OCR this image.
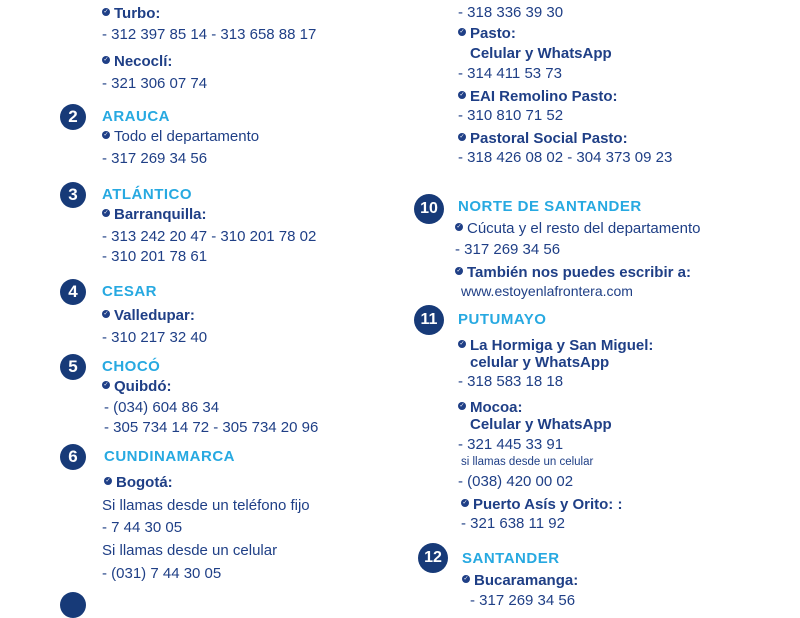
✓ Turbo:
- 312 397 85 14 - 313 658 88 17
✓ Necoclí:
- 321 306 07 74
2	ARAUCA
✓ Todo el departamento
- 317 269 34 56
3	ATLÁNTICO
✓ Barranquilla:
- 313 242 20 47 - 310 201 78 02
- 310 201 78 61
4	CESAR
✓ Valledupar:
- 310 217 32 40
5	CHOCÓ
✓ Quibdó:
- (034) 604 86 34
- 305 734 14 72 - 305 734 20 96
6	CUNDINAMARCA
✓ Bogotá:
Si llamas desde un teléfono fijo
- 7 44 30 05
Si llamas desde un celular
- (031) 7 44 30 05
- 318 336 39 30
✓ Pasto:
Celular y WhatsApp
- 314 411 53 73
✓ EAI Remolino Pasto:
- 310 810 71 52
✓ Pastoral Social Pasto:
- 318 426 08 02 - 304 373 09 23
10	NORTE DE SANTANDER
✓ Cúcuta y el resto del departamento
- 317 269 34 56
✓ También nos puedes escribir a:
www.estoyenlafrontera.com
11	PUTUMAYO
✓ La Hormiga y San Miguel:
celular y WhatsApp
- 318 583 18 18
✓ Mocoa:
Celular y WhatsApp
- 321 445 33 91
si llamas desde un celular
- (038) 420 00 02
✓ Puerto Asís y Orito: :
- 321 638 11 92
12	SANTANDER
✓ Bucaramanga:
- 317 269 34 56
